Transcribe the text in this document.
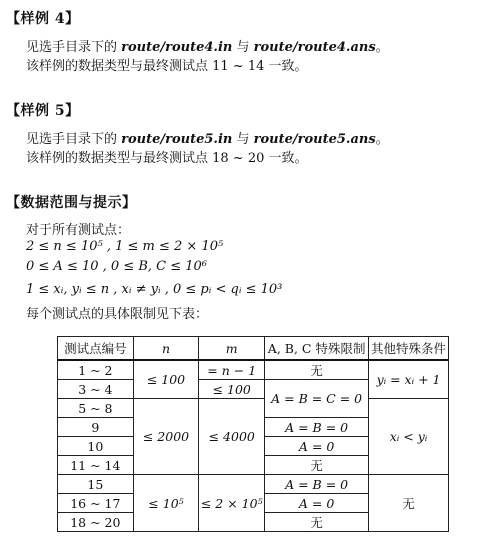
【样例 4】
见选手目录下的 route/route4.in 与 route/route4.ans。
该样例的数据类型与最终测试点 11 ~ 14 一致。
【样例 5】
见选手目录下的 route/route5.in 与 route/route5.ans。
该样例的数据类型与最终测试点 18 ~ 20 一致。
【数据范围与提示】
对于所有测试点：
2 ≤ n ≤ 10⁵ , 1 ≤ m ≤ 2 × 10⁵
0 ≤ A ≤ 10 , 0 ≤ B, C ≤ 10⁶
1 ≤ xᵢ, yᵢ ≤ n , xᵢ ≠ yᵢ , 0 ≤ pᵢ < qᵢ ≤ 10³
每个测试点的具体限制见下表：
测试点编号	n	m	A, B, C 特殊限制	其他特殊条件
1 ~ 2	≤ 100	= n − 1	无	yᵢ = xᵢ + 1
3 ~ 4		≤ 100	A = B = C = 0	
5 ~ 8	≤ 2000	≤ 4000		xᵢ < yᵢ
9			A = B = 0	
10			A = 0	
11 ~ 14			无	
15	≤ 10⁵	≤ 2 × 10⁵	A = B = 0	无
16 ~ 17			A = 0	
18 ~ 20			无	
